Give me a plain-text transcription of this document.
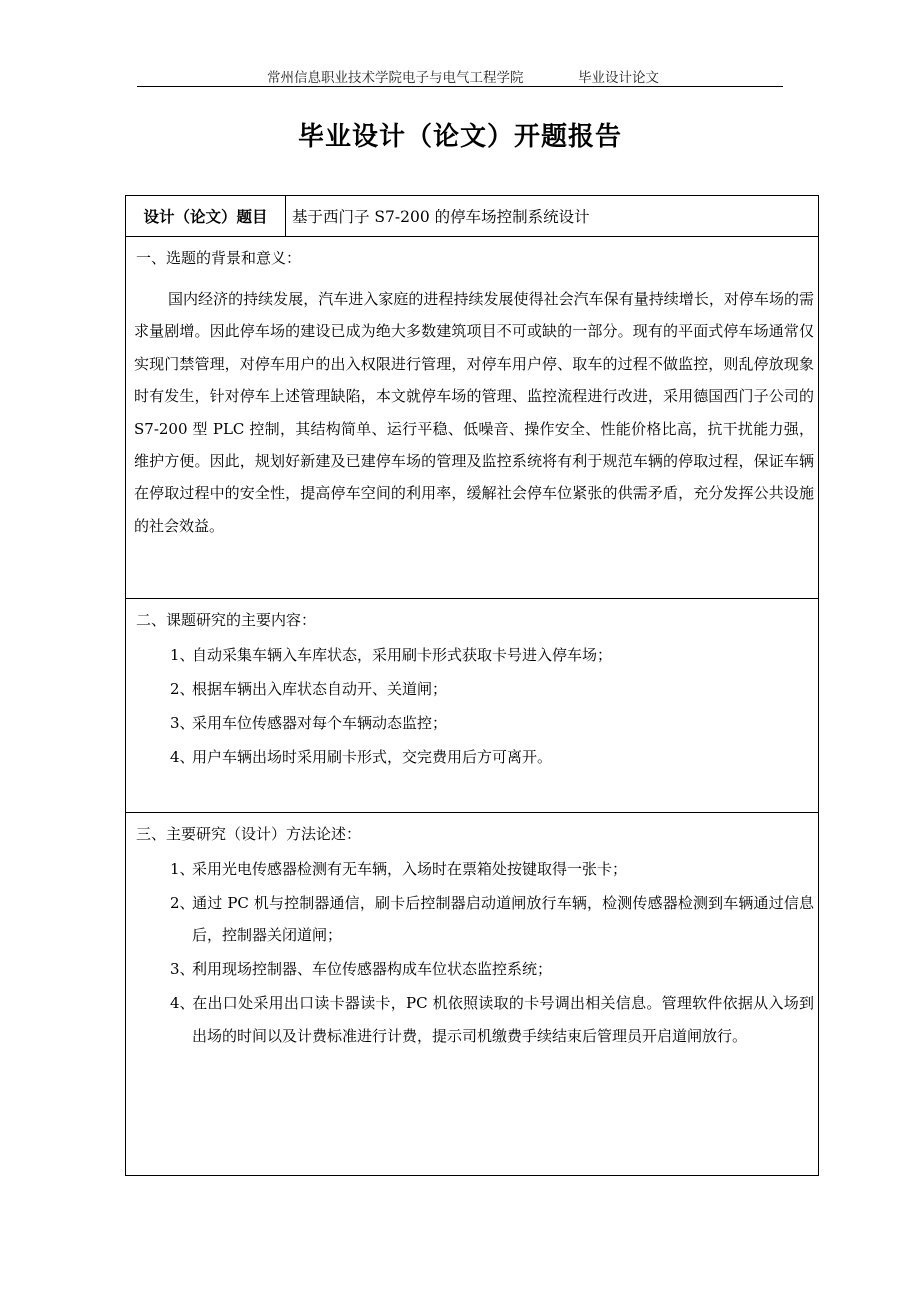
常州信息职业技术学院电子与电气工程学院	毕业设计论文
毕业设计（论文）开题报告
设计（论文）题目	基于西门子 S7-200 的停车场控制系统设计
一、选题的背景和意义：
国内经济的持续发展，汽车进入家庭的进程持续发展使得社会汽车保有量持续增长，对停车场的需求量剧增。因此停车场的建设已成为绝大多数建筑项目不可或缺的一部分。现有的平面式停车场通常仅实现门禁管理，对停车用户的出入权限进行管理，对停车用户停、取车的过程不做监控，则乱停放现象时有发生，针对停车上述管理缺陷，本文就停车场的管理、监控流程进行改进，采用德国西门子公司的 S7-200 型 PLC 控制，其结构简单、运行平稳、低噪音、操作安全、性能价格比高，抗干扰能力强，维护方便。因此，规划好新建及已建停车场的管理及监控系统将有利于规范车辆的停取过程，保证车辆在停取过程中的安全性，提高停车空间的利用率，缓解社会停车位紧张的供需矛盾，充分发挥公共设施的社会效益。
二、课题研究的主要内容：
1、自动采集车辆入车库状态，采用刷卡形式获取卡号进入停车场；
2、根据车辆出入库状态自动开、关道闸；
3、采用车位传感器对每个车辆动态监控；
4、用户车辆出场时采用刷卡形式，交完费用后方可离开。
三、主要研究（设计）方法论述：
1、采用光电传感器检测有无车辆，入场时在票箱处按键取得一张卡；
2、通过 PC 机与控制器通信，刷卡后控制器启动道闸放行车辆，检测传感器检测到车辆通过信息后，控制器关闭道闸；
3、利用现场控制器、车位传感器构成车位状态监控系统；
4、在出口处采用出口读卡器读卡，PC 机依照读取的卡号调出相关信息。管理软件依据从入场到出场的时间以及计费标准进行计费，提示司机缴费手续结束后管理员开启道闸放行。
